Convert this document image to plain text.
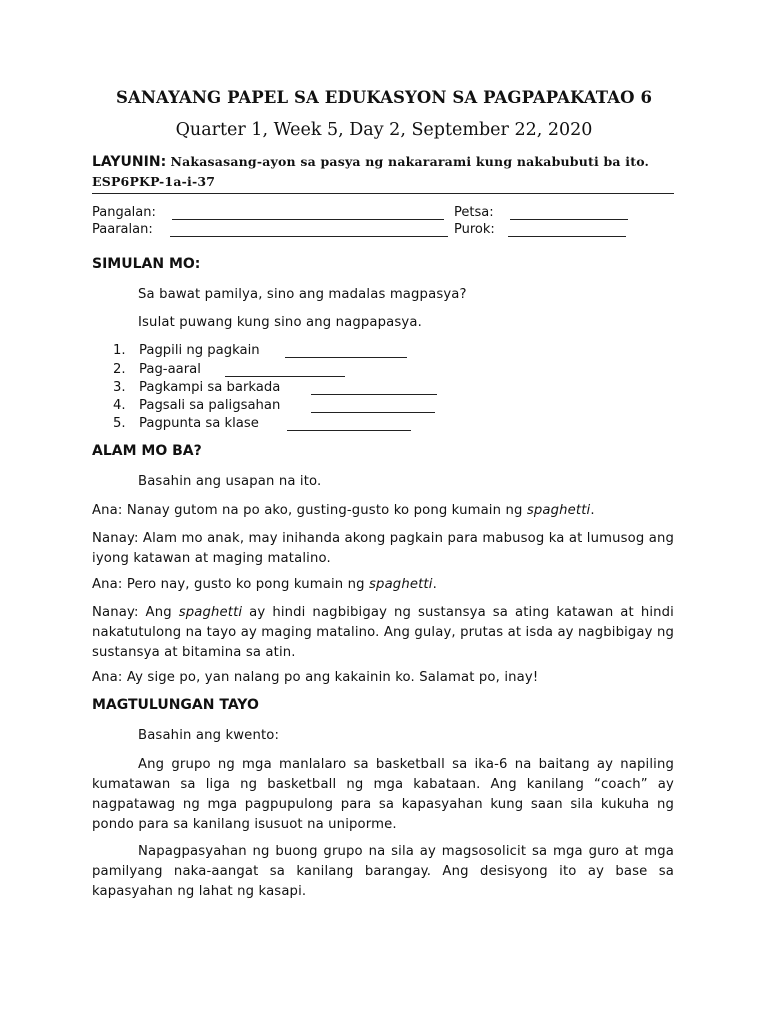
SANAYANG PAPEL SA EDUKASYON SA PAGPAPAKATAO 6
Quarter 1, Week 5, Day 2, September 22, 2020
LAYUNIN: Nakasasang-ayon sa pasya ng nakararami kung nakabubuti ba ito. ESP6PKP-1a-i-37
Pangalan:	Petsa:
Paaralan:	Purok:
SIMULAN MO:
Sa bawat pamilya, sino ang madalas magpasya?
Isulat puwang kung sino ang nagpapasya.
1. Pagpili ng pagkain
2. Pag-aaral
3. Pagkampi sa barkada
4. Pagsali sa paligsahan
5. Pagpunta sa klase
ALAM MO BA?
Basahin ang usapan na ito.
Ana: Nanay gutom na po ako, gusting-gusto ko pong kumain ng spaghetti.
Nanay: Alam mo anak, may inihanda akong pagkain para mabusog ka at lumusog ang iyong katawan at maging matalino.
Ana: Pero nay, gusto ko pong kumain ng spaghetti.
Nanay: Ang spaghetti ay hindi nagbibigay ng sustansya sa ating katawan at hindi nakatutulong na tayo ay maging matalino. Ang gulay, prutas at isda ay nagbibigay ng sustansya at bitamina sa atin.
Ana: Ay sige po, yan nalang po ang kakainin ko. Salamat po, inay!
MAGTULUNGAN TAYO
Basahin ang kwento:
Ang grupo ng mga manlalaro sa basketball sa ika-6 na baitang ay napiling kumatawan sa liga ng basketball ng mga kabataan. Ang kanilang “coach” ay nagpatawag ng mga pagpupulong para sa kapasyahan kung saan sila kukuha ng pondo para sa kanilang isusuot na uniporme.
Napagpasyahan ng buong grupo na sila ay magsosolicit sa mga guro at mga pamilyang naka-aangat sa kanilang barangay. Ang desisyong ito ay base sa kapasyahan ng lahat ng kasapi.
